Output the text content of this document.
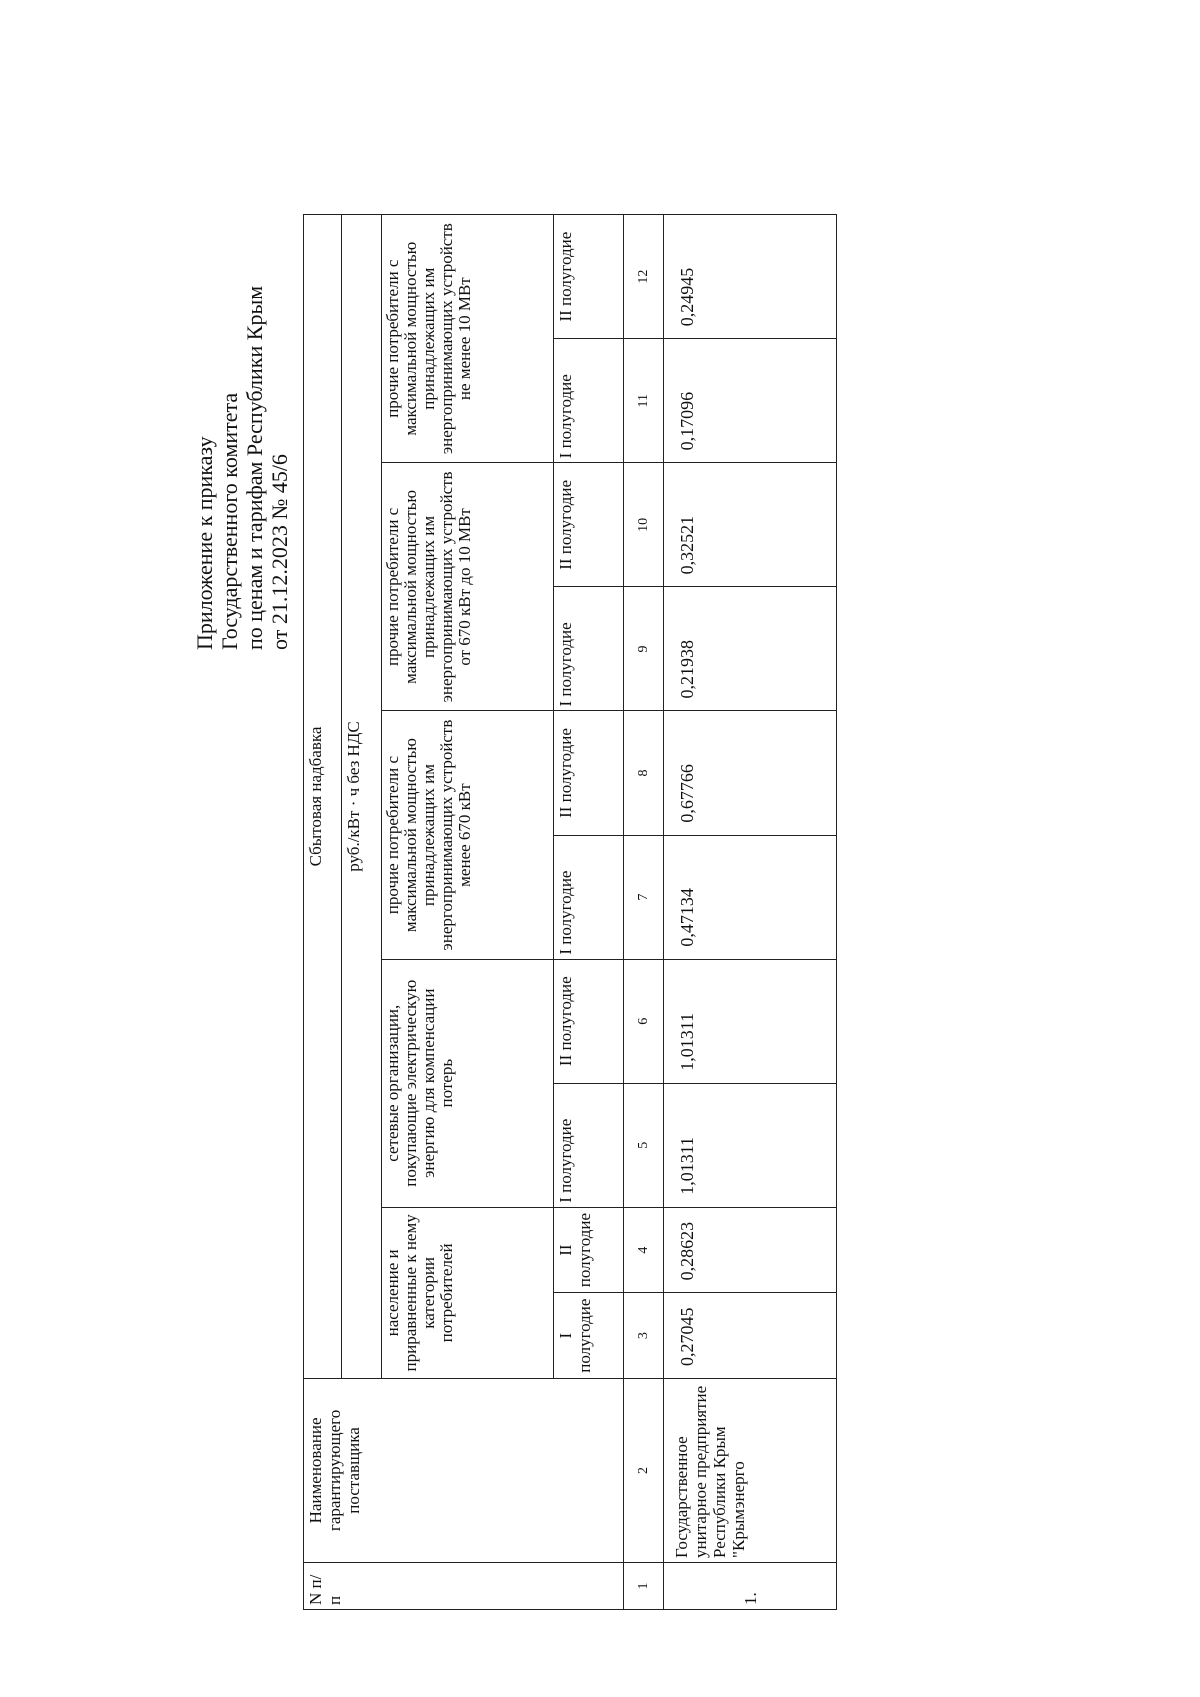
Приложение к приказу Государственного комитета по ценам и тарифам Республики Крым от 21.12.2023 № 45/6
N п/ п	Наименование гарантирующего поставщика	Сбытовая надбавка									
		руб./кВт · ч без НДС									
		население и приравненные к нему категории потребителей		сетевые организации, покупающие электрическую энергию для компенсации потерь		прочие потребители с максимальной мощностью принадлежащих им энергопринимающих устройств менее 670 кВт		прочие потребители с максимальной мощностью принадлежащих им энергопринимающих устройств от 670 кВт до 10 МВт		прочие потребители с максимальной мощностью принадлежащих им энергопринимающих устройств не менее 10 МВт	
		I полугодие	II полугодие	I полугодие	II полугодие	I полугодие	II полугодие	I полугодие	II полугодие	I полугодие	II полугодие
1	2	3	4	5	6	7	8	9	10	11	12
1.	Государственное унитарное предприятие Республики Крым "Крымэнерго	0,27045	0,28623	1,01311	1,01311	0,47134	0,67766	0,21938	0,32521	0,17096	0,24945
